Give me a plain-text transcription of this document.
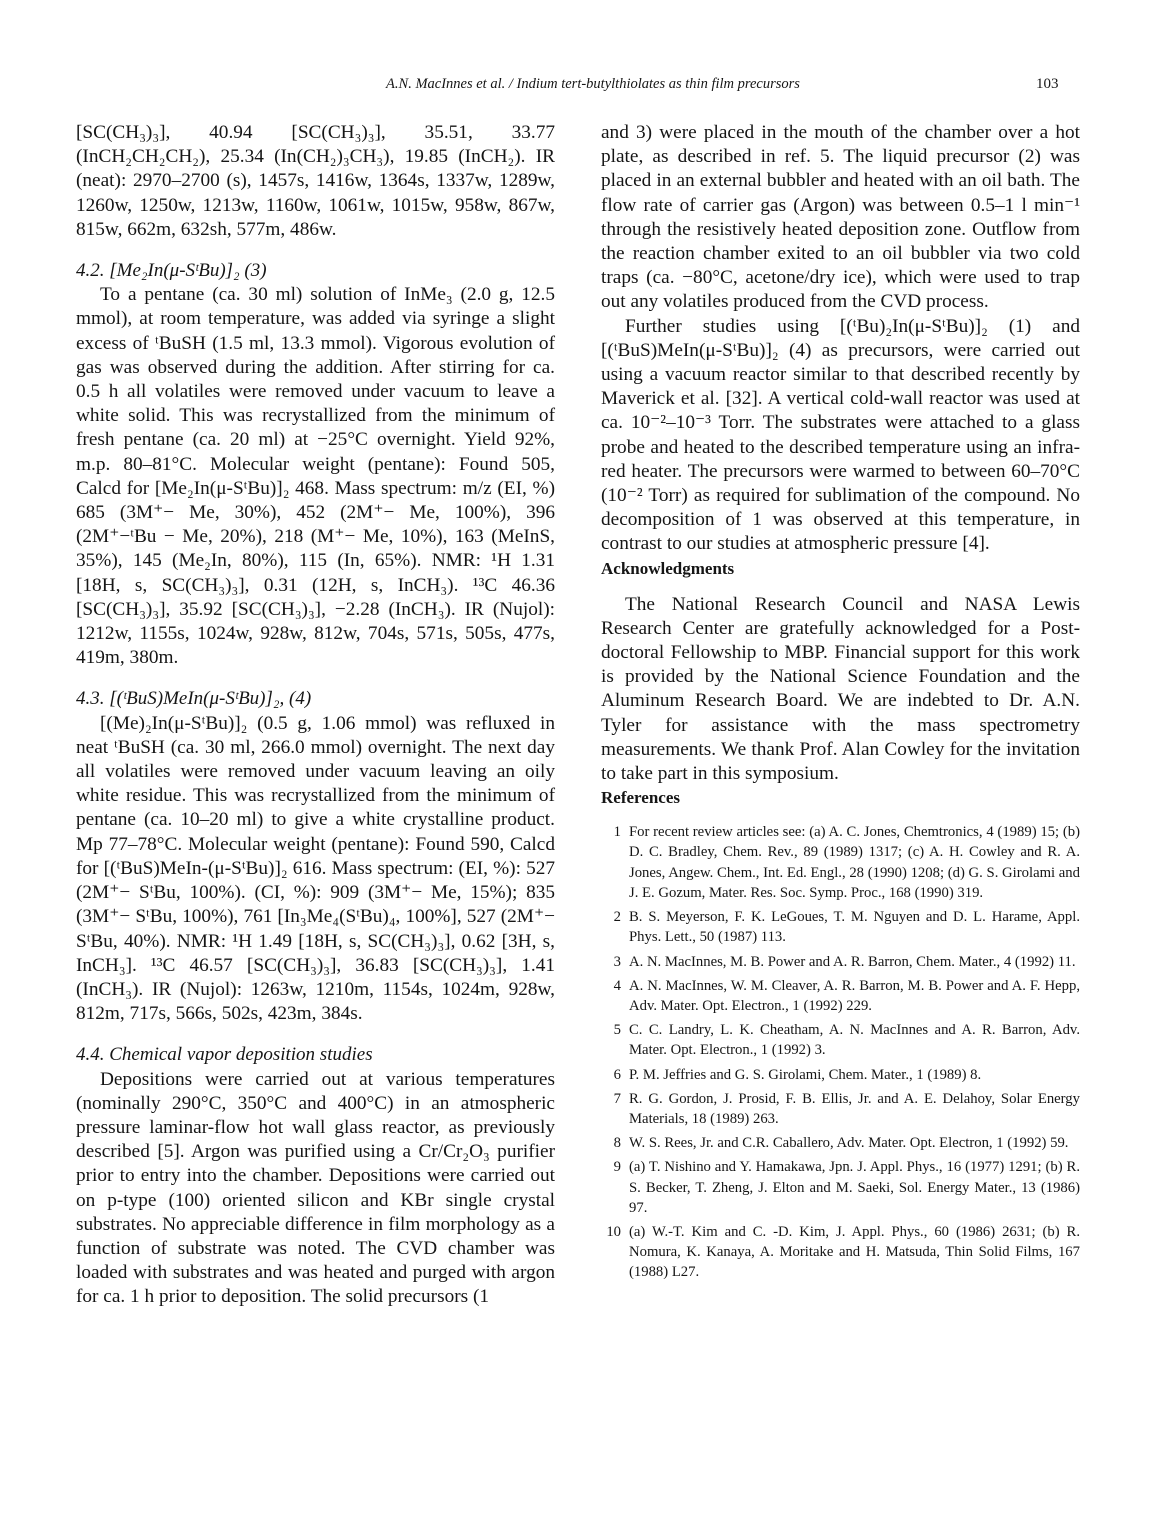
A.N. MacInnes et al. / Indium tert-butylthiolates as thin film precursors	103

[SC(CH₃)₃], 40.94 [SC(CH₃)₃], 35.51, 33.77 (InCH₂CH₂CH₂), 25.34 (In(CH₂)₃CH₃), 19.85 (InCH₂). IR (neat): 2970–2700 (s), 1457s, 1416w, 1364s, 1337w, 1289w, 1260w, 1250w, 1213w, 1160w, 1061w, 1015w, 958w, 867w, 815w, 662m, 632sh, 577m, 486w.

4.2. [Me₂In(μ-SᵗBu)]₂ (3)

To a pentane (ca. 30 ml) solution of InMe₃ (2.0 g, 12.5 mmol), at room temperature, was added via syringe a slight excess of ᵗBuSH (1.5 ml, 13.3 mmol). Vigorous evolution of gas was observed during the addition. After stirring for ca. 0.5 h all volatiles were removed under vacuum to leave a white solid. This was recrystallized from the minimum of fresh pentane (ca. 20 ml) at −25°C overnight. Yield 92%, m.p. 80–81°C. Molecular weight (pentane): Found 505, Calcd for [Me₂In(μ-SᵗBu)]₂ 468. Mass spectrum: m/z (EI, %) 685 (3M⁺− Me, 30%), 452 (2M⁺− Me, 100%), 396 (2M⁺−ᵗBu − Me, 20%), 218 (M⁺− Me, 10%), 163 (MeInS, 35%), 145 (Me₂In, 80%), 115 (In, 65%). NMR: ¹H 1.31 [18H, s, SC(CH₃)₃], 0.31 (12H, s, InCH₃). ¹³C 46.36 [SC(CH₃)₃], 35.92 [SC(CH₃)₃], −2.28 (InCH₃). IR (Nujol): 1212w, 1155s, 1024w, 928w, 812w, 704s, 571s, 505s, 477s, 419m, 380m.

4.3. [(ᵗBuS)MeIn(μ-SᵗBu)]₂, (4)

[(Me)₂In(μ-SᵗBu)]₂ (0.5 g, 1.06 mmol) was refluxed in neat ᵗBuSH (ca. 30 ml, 266.0 mmol) overnight. The next day all volatiles were removed under vacuum leaving an oily white residue. This was recrystallized from the minimum of pentane (ca. 10–20 ml) to give a white crystalline product. Mp 77–78°C. Molecular weight (pentane): Found 590, Calcd for [(ᵗBuS)MeIn-(μ-SᵗBu)]₂ 616. Mass spectrum: (EI, %): 527 (2M⁺− SᵗBu, 100%). (CI, %): 909 (3M⁺− Me, 15%); 835 (3M⁺− SᵗBu, 100%), 761 [In₃Me₄(SᵗBu)₄, 100%], 527 (2M⁺− SᵗBu, 40%). NMR: ¹H 1.49 [18H, s, SC(CH₃)₃], 0.62 [3H, s, InCH₃]. ¹³C 46.57 [SC(CH₃)₃], 36.83 [SC(CH₃)₃], 1.41 (InCH₃). IR (Nujol): 1263w, 1210m, 1154s, 1024m, 928w, 812m, 717s, 566s, 502s, 423m, 384s.

4.4. Chemical vapor deposition studies

Depositions were carried out at various temperatures (nominally 290°C, 350°C and 400°C) in an atmospheric pressure laminar-flow hot wall glass reactor, as previously described [5]. Argon was purified using a Cr/Cr₂O₃ purifier prior to entry into the chamber. Depositions were carried out on p-type (100) oriented silicon and KBr single crystal substrates. No appreciable difference in film morphology as a function of substrate was noted. The CVD chamber was loaded with substrates and was heated and purged with argon for ca. 1 h prior to deposition. The solid precursors (1

and 3) were placed in the mouth of the chamber over a hot plate, as described in ref. 5. The liquid precursor (2) was placed in an external bubbler and heated with an oil bath. The flow rate of carrier gas (Argon) was between 0.5–1 l min⁻¹ through the resistively heated deposition zone. Outflow from the reaction chamber exited to an oil bubbler via two cold traps (ca. −80°C, acetone/dry ice), which were used to trap out any volatiles produced from the CVD process.

Further studies using [(ᵗBu)₂In(μ-SᵗBu)]₂ (1) and [(ᵗBuS)MeIn(μ-SᵗBu)]₂ (4) as precursors, were carried out using a vacuum reactor similar to that described recently by Maverick et al. [32]. A vertical cold-wall reactor was used at ca. 10⁻²–10⁻³ Torr. The substrates were attached to a glass probe and heated to the described temperature using an infra-red heater. The precursors were warmed to between 60–70°C (10⁻² Torr) as required for sublimation of the compound. No decomposition of 1 was observed at this temperature, in contrast to our studies at atmospheric pressure [4].

Acknowledgments

The National Research Council and NASA Lewis Research Center are gratefully acknowledged for a Post-doctoral Fellowship to MBP. Financial support for this work is provided by the National Science Foundation and the Aluminum Research Board. We are indebted to Dr. A.N. Tyler for assistance with the mass spectrometry measurements. We thank Prof. Alan Cowley for the invitation to take part in this symposium.

References

1 For recent review articles see: (a) A. C. Jones, Chemtronics, 4 (1989) 15; (b) D. C. Bradley, Chem. Rev., 89 (1989) 1317; (c) A. H. Cowley and R. A. Jones, Angew. Chem., Int. Ed. Engl., 28 (1990) 1208; (d) G. S. Girolami and J. E. Gozum, Mater. Res. Soc. Symp. Proc., 168 (1990) 319.
2 B. S. Meyerson, F. K. LeGoues, T. M. Nguyen and D. L. Harame, Appl. Phys. Lett., 50 (1987) 113.
3 A. N. MacInnes, M. B. Power and A. R. Barron, Chem. Mater., 4 (1992) 11.
4 A. N. MacInnes, W. M. Cleaver, A. R. Barron, M. B. Power and A. F. Hepp, Adv. Mater. Opt. Electron., 1 (1992) 229.
5 C. C. Landry, L. K. Cheatham, A. N. MacInnes and A. R. Barron, Adv. Mater. Opt. Electron., 1 (1992) 3.
6 P. M. Jeffries and G. S. Girolami, Chem. Mater., 1 (1989) 8.
7 R. G. Gordon, J. Prosid, F. B. Ellis, Jr. and A. E. Delahoy, Solar Energy Materials, 18 (1989) 263.
8 W. S. Rees, Jr. and C.R. Caballero, Adv. Mater. Opt. Electron, 1 (1992) 59.
9 (a) T. Nishino and Y. Hamakawa, Jpn. J. Appl. Phys., 16 (1977) 1291; (b) R. S. Becker, T. Zheng, J. Elton and M. Saeki, Sol. Energy Mater., 13 (1986) 97.
10 (a) W.-T. Kim and C. -D. Kim, J. Appl. Phys., 60 (1986) 2631; (b) R. Nomura, K. Kanaya, A. Moritake and H. Matsuda, Thin Solid Films, 167 (1988) L27.
